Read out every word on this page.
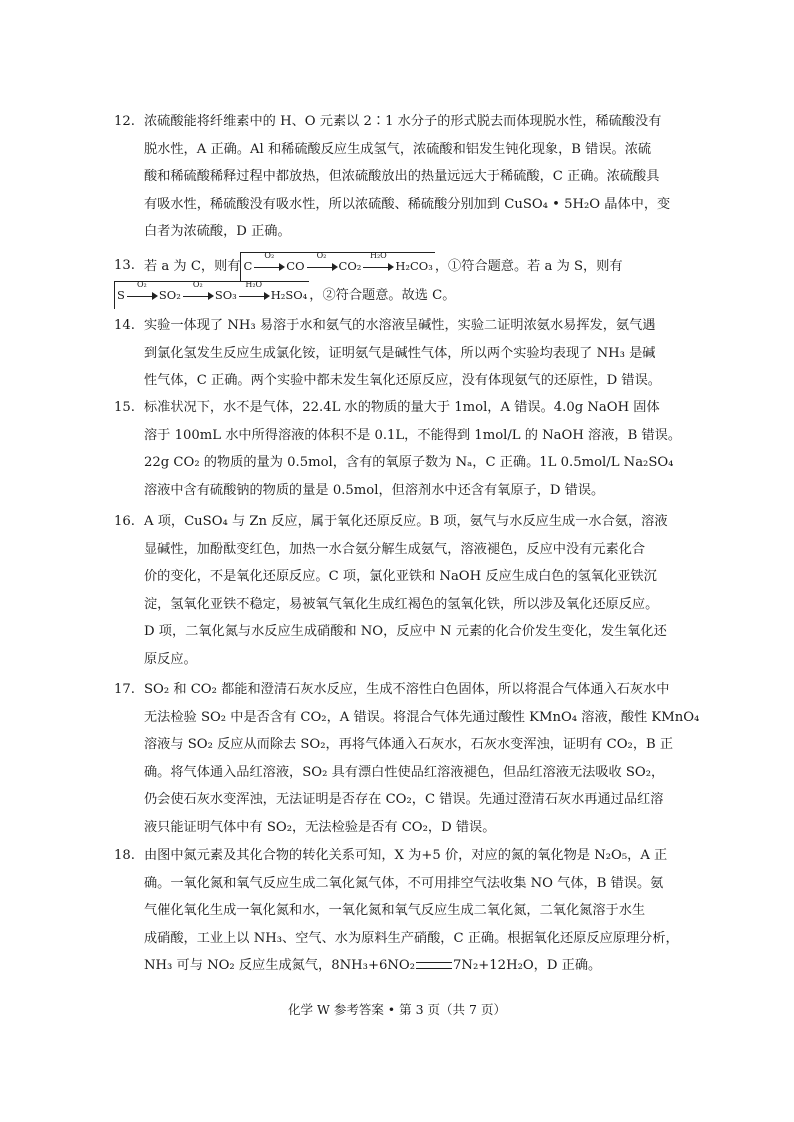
12. 浓硫酸能将纤维素中的 H、O 元素以 2∶1 水分子的形式脱去而体现脱水性，稀硫酸没有

脱水性，A 正确。Al 和稀硫酸反应生成氢气，浓硫酸和铝发生钝化现象，B 错误。浓硫

酸和稀硫酸稀释过程中都放热，但浓硫酸放出的热量远远大于稀硫酸，C 正确。浓硫酸具

有吸水性，稀硫酸没有吸水性，所以浓硫酸、稀硫酸分别加到 CuSO₄ • 5H₂O 晶体中，变

白者为浓硫酸，D 正确。

13. 若 a 为 C，则有 C
O₂
CO
O₂
CO₂
H₂O
H₂CO₃ ，①符合题意。若 a 为 S，则有

S
O₂
SO₂
O₂
SO₃
H₂O
H₂SO₄ ，②符合题意。故选 C。

14. 实验一体现了 NH₃ 易溶于水和氨气的水溶液呈碱性，实验二证明浓氨水易挥发，氨气遇

到氯化氢发生反应生成氯化铵，证明氨气是碱性气体，所以两个实验均表现了 NH₃ 是碱

性气体，C 正确。两个实验中都未发生氧化还原反应，没有体现氨气的还原性，D 错误。

15. 标准状况下，水不是气体，22.4L 水的物质的量大于 1mol，A 错误。4.0g NaOH 固体

溶于 100mL 水中所得溶液的体积不是 0.1L，不能得到 1mol/L 的 NaOH 溶液，B 错误。

22g CO₂ 的物质的量为 0.5mol，含有的氧原子数为 Nₐ，C 正确。1L 0.5mol/L Na₂SO₄

溶液中含有硫酸钠的物质的量是 0.5mol，但溶剂水中还含有氧原子，D 错误。

16. A 项，CuSO₄ 与 Zn 反应，属于氧化还原反应。B 项，氨气与水反应生成一水合氨，溶液

显碱性，加酚酞变红色，加热一水合氨分解生成氨气，溶液褪色，反应中没有元素化合

价的变化，不是氧化还原反应。C 项，氯化亚铁和 NaOH 反应生成白色的氢氧化亚铁沉

淀，氢氧化亚铁不稳定，易被氧气氧化生成红褐色的氢氧化铁，所以涉及氧化还原反应。

D 项，二氧化氮与水反应生成硝酸和 NO，反应中 N 元素的化合价发生变化，发生氧化还

原反应。

17. SO₂ 和 CO₂ 都能和澄清石灰水反应，生成不溶性白色固体，所以将混合气体通入石灰水中

无法检验 SO₂ 中是否含有 CO₂，A 错误。将混合气体先通过酸性 KMnO₄ 溶液，酸性 KMnO₄

溶液与 SO₂ 反应从而除去 SO₂，再将气体通入石灰水，石灰水变浑浊，证明有 CO₂，B 正

确。将气体通入品红溶液，SO₂ 具有漂白性使品红溶液褪色，但品红溶液无法吸收 SO₂，

仍会使石灰水变浑浊，无法证明是否存在 CO₂，C 错误。先通过澄清石灰水再通过品红溶

液只能证明气体中有 SO₂，无法检验是否有 CO₂，D 错误。

18. 由图中氮元素及其化合物的转化关系可知，X 为+5 价，对应的氮的氧化物是 N₂O₅，A 正

确。一氧化氮和氧气反应生成二氧化氮气体，不可用排空气法收集 NO 气体，B 错误。氨

气催化氧化生成一氧化氮和水，一氧化氮和氧气反应生成二氧化氮，二氧化氮溶于水生

成硝酸，工业上以 NH₃、空气、水为原料生产硝酸，C 正确。根据氧化还原反应原理分析，

NH₃ 可与 NO₂ 反应生成氮气，8NH₃+6NO₂	7N₂+12H₂O，D 正确。

化学 W 参考答案 • 第 3 页（共 7 页）
